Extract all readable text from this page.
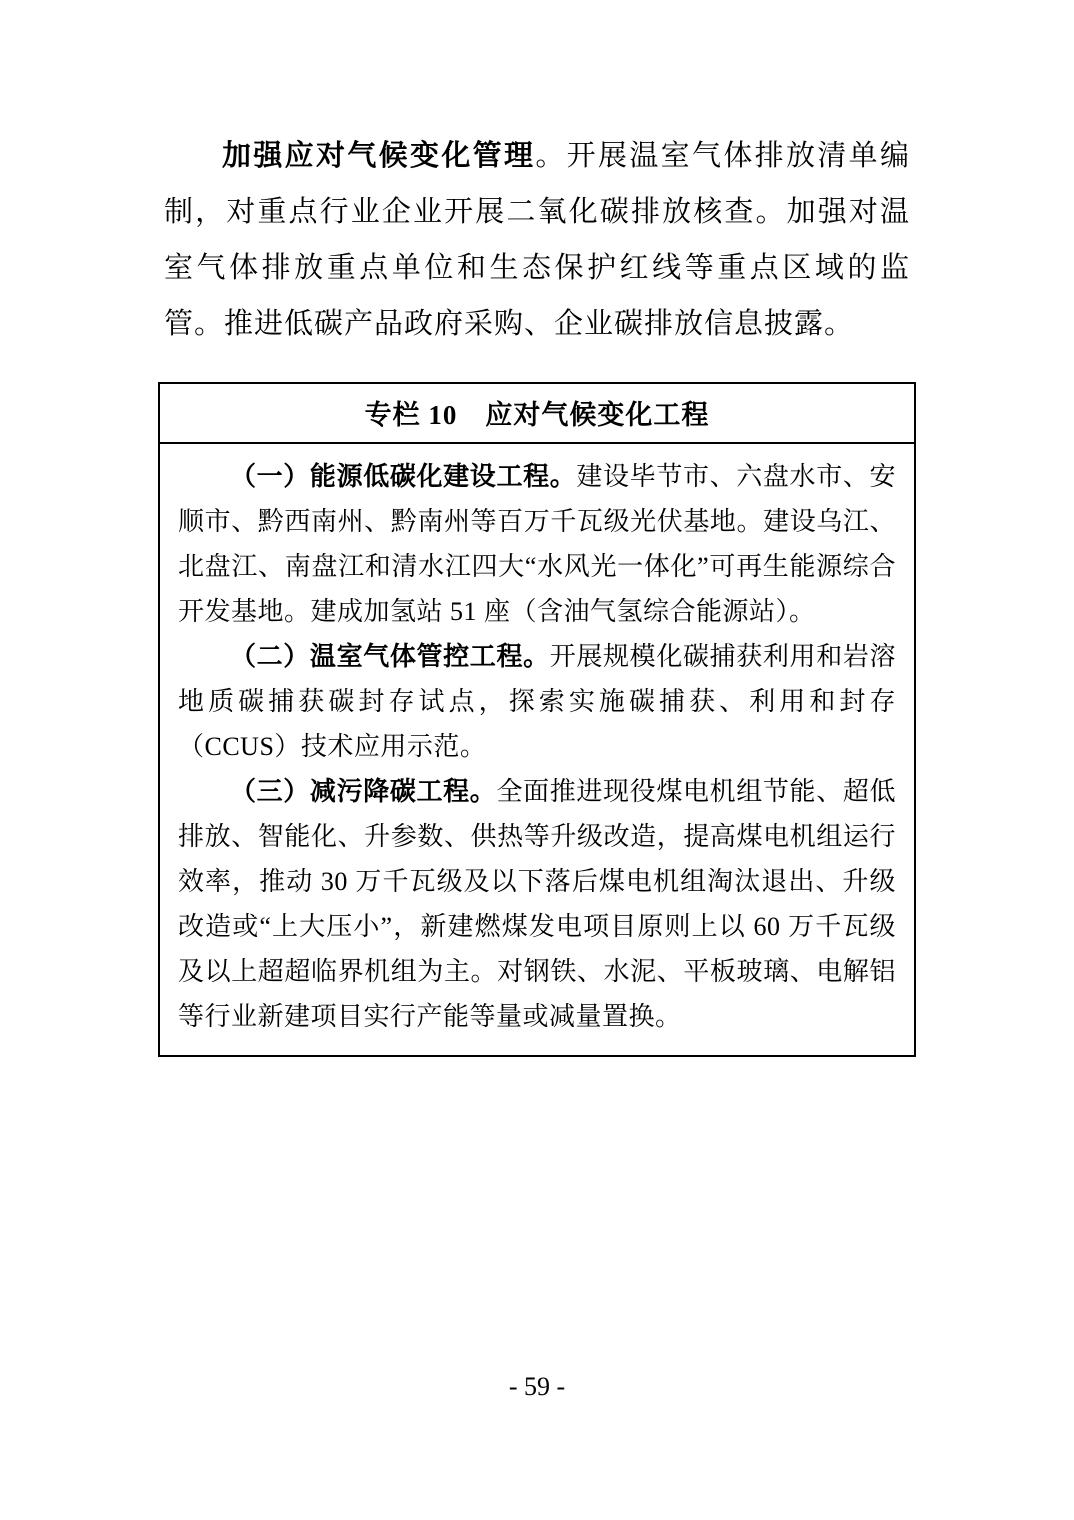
加强应对气候变化管理。开展温室气体排放清单编制，对重点行业企业开展二氧化碳排放核查。加强对温室气体排放重点单位和生态保护红线等重点区域的监管。推进低碳产品政府采购、企业碳排放信息披露。

专栏 10　应对气候变化工程

（一）能源低碳化建设工程。建设毕节市、六盘水市、安顺市、黔西南州、黔南州等百万千瓦级光伏基地。建设乌江、北盘江、南盘江和清水江四大“水风光一体化”可再生能源综合开发基地。建成加氢站 51 座（含油气氢综合能源站）。

（二）温室气体管控工程。开展规模化碳捕获利用和岩溶地质碳捕获碳封存试点，探索实施碳捕获、利用和封存（CCUS）技术应用示范。

（三）减污降碳工程。全面推进现役煤电机组节能、超低排放、智能化、升参数、供热等升级改造，提高煤电机组运行效率，推动 30 万千瓦级及以下落后煤电机组淘汰退出、升级改造或“上大压小”，新建燃煤发电项目原则上以 60 万千瓦级及以上超超临界机组为主。对钢铁、水泥、平板玻璃、电解铝等行业新建项目实行产能等量或减量置换。

- 59 -
